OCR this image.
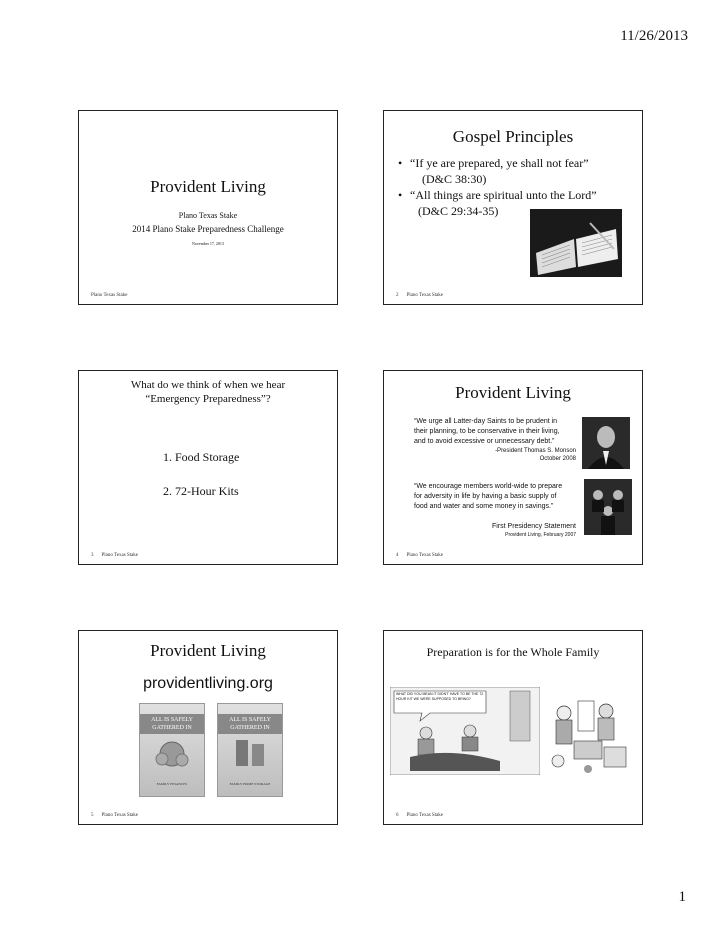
11/26/2013
Provident Living
Plano Texas Stake
2014 Plano Stake Preparedness Challenge
November 17, 2013
Plano Texas Stake
Gospel Principles
• “If ye are prepared, ye shall not fear”
(D&C 38:30)
• “All things are spiritual unto the Lord”
(D&C 29:34-35)
2 Plano Texas Stake
What do we think of when we hear
“Emergency Preparedness”?
1. Food Storage
2. 72-Hour Kits
3 Plano Texas Stake
Provident Living
“We urge all Latter-day Saints to be prudent in
their planning, to be conservative in their living,
and to avoid excessive or unnecessary debt.”
-President Thomas S. Monson
October 2008
“We encourage members world-wide to prepare
for adversity in life by having a basic supply of
food and water and some money in savings.”
First Presidency Statement
Provident Living, February 2007
4 Plano Texas Stake
Provident Living
providentliving.org
ALL IS SAFELY GATHERED IN
FAMILY FINANCES
ALL IS SAFELY GATHERED IN
FAMILY HOME STORAGE
5 Plano Texas Stake
Preparation is for the Whole Family
WHAT DID YOU MEAN IT DIDN'T HAVE TO BE THE 72 HOUR KIT WE WERE SUPPOSED TO BRING?
6 Plano Texas Stake
1
